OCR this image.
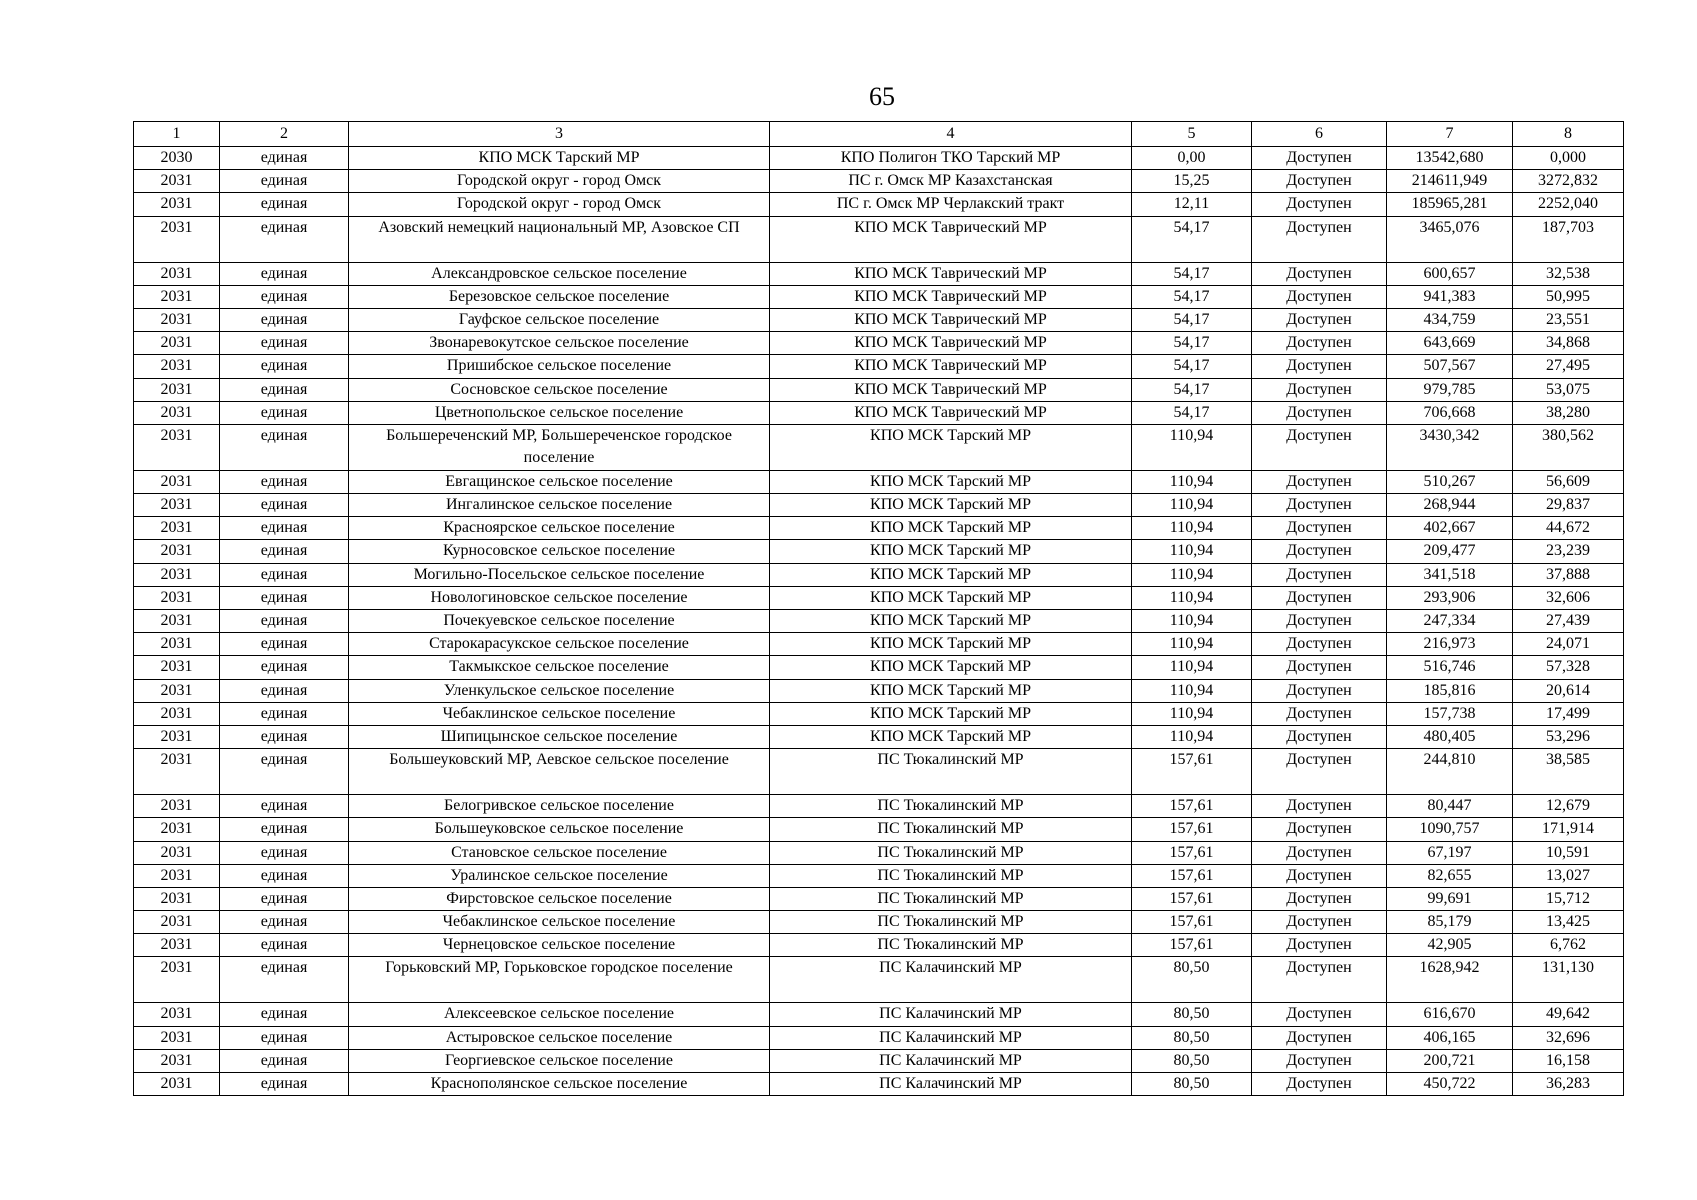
65
1	2	3	4	5	6	7	8
2030	единая	КПО МСК Тарский МР	КПО Полигон ТКО Тарский МР	0,00	Доступен	13542,680	0,000
2031	единая	Городской округ - город Омск	ПС г. Омск МР Казахстанская	15,25	Доступен	214611,949	3272,832
2031	единая	Городской округ - город Омск	ПС г. Омск МР Черлакский тракт	12,11	Доступен	185965,281	2252,040
2031	единая	Азовский немецкий национальный МР, Азовское СП	КПО МСК Таврический МР	54,17	Доступен	3465,076	187,703
2031	единая	Александровское сельское поселение	КПО МСК Таврический МР	54,17	Доступен	600,657	32,538
2031	единая	Березовское сельское поселение	КПО МСК Таврический МР	54,17	Доступен	941,383	50,995
2031	единая	Гауфское сельское поселение	КПО МСК Таврический МР	54,17	Доступен	434,759	23,551
2031	единая	Звонаревокутское сельское поселение	КПО МСК Таврический МР	54,17	Доступен	643,669	34,868
2031	единая	Пришибское сельское поселение	КПО МСК Таврический МР	54,17	Доступен	507,567	27,495
2031	единая	Сосновское сельское поселение	КПО МСК Таврический МР	54,17	Доступен	979,785	53,075
2031	единая	Цветнопольское сельское поселение	КПО МСК Таврический МР	54,17	Доступен	706,668	38,280
2031	единая	Большереченский МР, Большереченское городское поселение	КПО МСК Тарский МР	110,94	Доступен	3430,342	380,562
2031	единая	Евгащинское сельское поселение	КПО МСК Тарский МР	110,94	Доступен	510,267	56,609
2031	единая	Ингалинское сельское поселение	КПО МСК Тарский МР	110,94	Доступен	268,944	29,837
2031	единая	Красноярское сельское поселение	КПО МСК Тарский МР	110,94	Доступен	402,667	44,672
2031	единая	Курносовское сельское поселение	КПО МСК Тарский МР	110,94	Доступен	209,477	23,239
2031	единая	Могильно-Посельское сельское поселение	КПО МСК Тарский МР	110,94	Доступен	341,518	37,888
2031	единая	Новологиновское сельское поселение	КПО МСК Тарский МР	110,94	Доступен	293,906	32,606
2031	единая	Почекуевское сельское поселение	КПО МСК Тарский МР	110,94	Доступен	247,334	27,439
2031	единая	Старокарасукское сельское поселение	КПО МСК Тарский МР	110,94	Доступен	216,973	24,071
2031	единая	Такмыкское сельское поселение	КПО МСК Тарский МР	110,94	Доступен	516,746	57,328
2031	единая	Уленкульское сельское поселение	КПО МСК Тарский МР	110,94	Доступен	185,816	20,614
2031	единая	Чебаклинское сельское поселение	КПО МСК Тарский МР	110,94	Доступен	157,738	17,499
2031	единая	Шипицынское сельское поселение	КПО МСК Тарский МР	110,94	Доступен	480,405	53,296
2031	единая	Большеуковский МР, Аевское сельское поселение	ПС Тюкалинский МР	157,61	Доступен	244,810	38,585
2031	единая	Белогривское сельское поселение	ПС Тюкалинский МР	157,61	Доступен	80,447	12,679
2031	единая	Большеуковское сельское поселение	ПС Тюкалинский МР	157,61	Доступен	1090,757	171,914
2031	единая	Становское сельское поселение	ПС Тюкалинский МР	157,61	Доступен	67,197	10,591
2031	единая	Уралинское сельское поселение	ПС Тюкалинский МР	157,61	Доступен	82,655	13,027
2031	единая	Фирстовское сельское поселение	ПС Тюкалинский МР	157,61	Доступен	99,691	15,712
2031	единая	Чебаклинское сельское поселение	ПС Тюкалинский МР	157,61	Доступен	85,179	13,425
2031	единая	Чернецовское сельское поселение	ПС Тюкалинский МР	157,61	Доступен	42,905	6,762
2031	единая	Горьковский МР, Горьковское городское поселение	ПС Калачинский МР	80,50	Доступен	1628,942	131,130
2031	единая	Алексеевское сельское поселение	ПС Калачинский МР	80,50	Доступен	616,670	49,642
2031	единая	Астыровское сельское поселение	ПС Калачинский МР	80,50	Доступен	406,165	32,696
2031	единая	Георгиевское сельское поселение	ПС Калачинский МР	80,50	Доступен	200,721	16,158
2031	единая	Краснополянское сельское поселение	ПС Калачинский МР	80,50	Доступен	450,722	36,283
